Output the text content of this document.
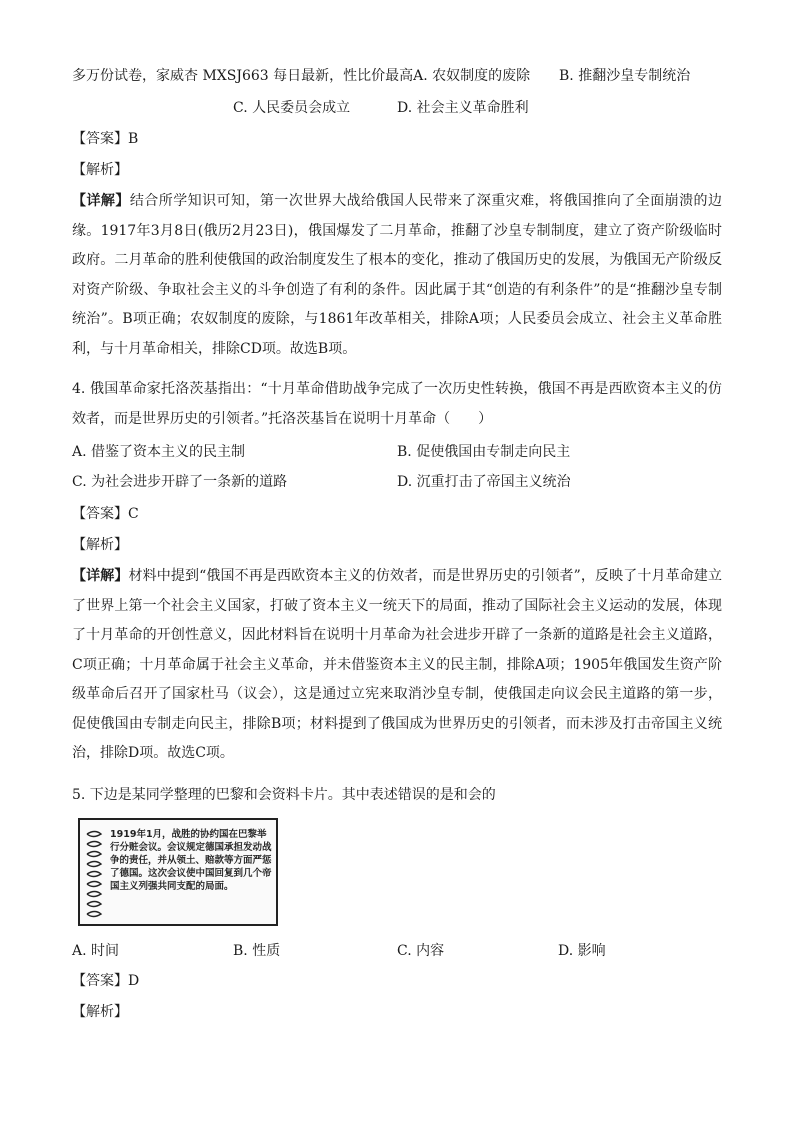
多万份试卷，家威杏 MXSJ663 每日最新，性比价最高A. 农奴制度的废除 B. 推翻沙皇专制统治
C. 人民委员会成立	D. 社会主义革命胜利
【答案】B
【解析】
【详解】结合所学知识可知，第一次世界大战给俄国人民带来了深重灾难，将俄国推向了全面崩溃的边缘。1917年3月8日(俄历2月23日)，俄国爆发了二月革命，推翻了沙皇专制制度，建立了资产阶级临时政府。二月革命的胜利使俄国的政治制度发生了根本的变化，推动了俄国历史的发展，为俄国无产阶级反对资产阶级、争取社会主义的斗争创造了有利的条件。因此属于其“创造的有利条件”的是“推翻沙皇专制统治”。B项正确；农奴制度的废除，与1861年改革相关，排除A项；人民委员会成立、社会主义革命胜利，与十月革命相关，排除CD项。故选B项。
4. 俄国革命家托洛茨基指出：“十月革命借助战争完成了一次历史性转换，俄国不再是西欧资本主义的仿效者，而是世界历史的引领者。”托洛茨基旨在说明十月革命（　　）
A. 借鉴了资本主义的民主制	B. 促使俄国由专制走向民主
C. 为社会进步开辟了一条新的道路	D. 沉重打击了帝国主义统治
【答案】C
【解析】
【详解】材料中提到“俄国不再是西欧资本主义的仿效者，而是世界历史的引领者”，反映了十月革命建立了世界上第一个社会主义国家，打破了资本主义一统天下的局面，推动了国际社会主义运动的发展，体现了十月革命的开创性意义，因此材料旨在说明十月革命为社会进步开辟了一条新的道路是社会主义道路，C项正确；十月革命属于社会主义革命，并未借鉴资本主义的民主制，排除A项；1905年俄国发生资产阶级革命后召开了国家杜马（议会），这是通过立宪来取消沙皇专制，使俄国走向议会民主道路的第一步，促使俄国由专制走向民主，排除B项；材料提到了俄国成为世界历史的引领者，而未涉及打击帝国主义统治，排除D项。故选C项。
5. 下边是某同学整理的巴黎和会资料卡片。其中表述错误的是和会的
1919年1月，战胜的协约国在巴黎举行分赃会议。会议规定德国承担发动战争的责任，并从领土、赔款等方面严惩了德国。这次会议使中国回复到几个帝国主义列强共同支配的局面。
A. 时间	B. 性质	C. 内容	D. 影响
【答案】D
【解析】
